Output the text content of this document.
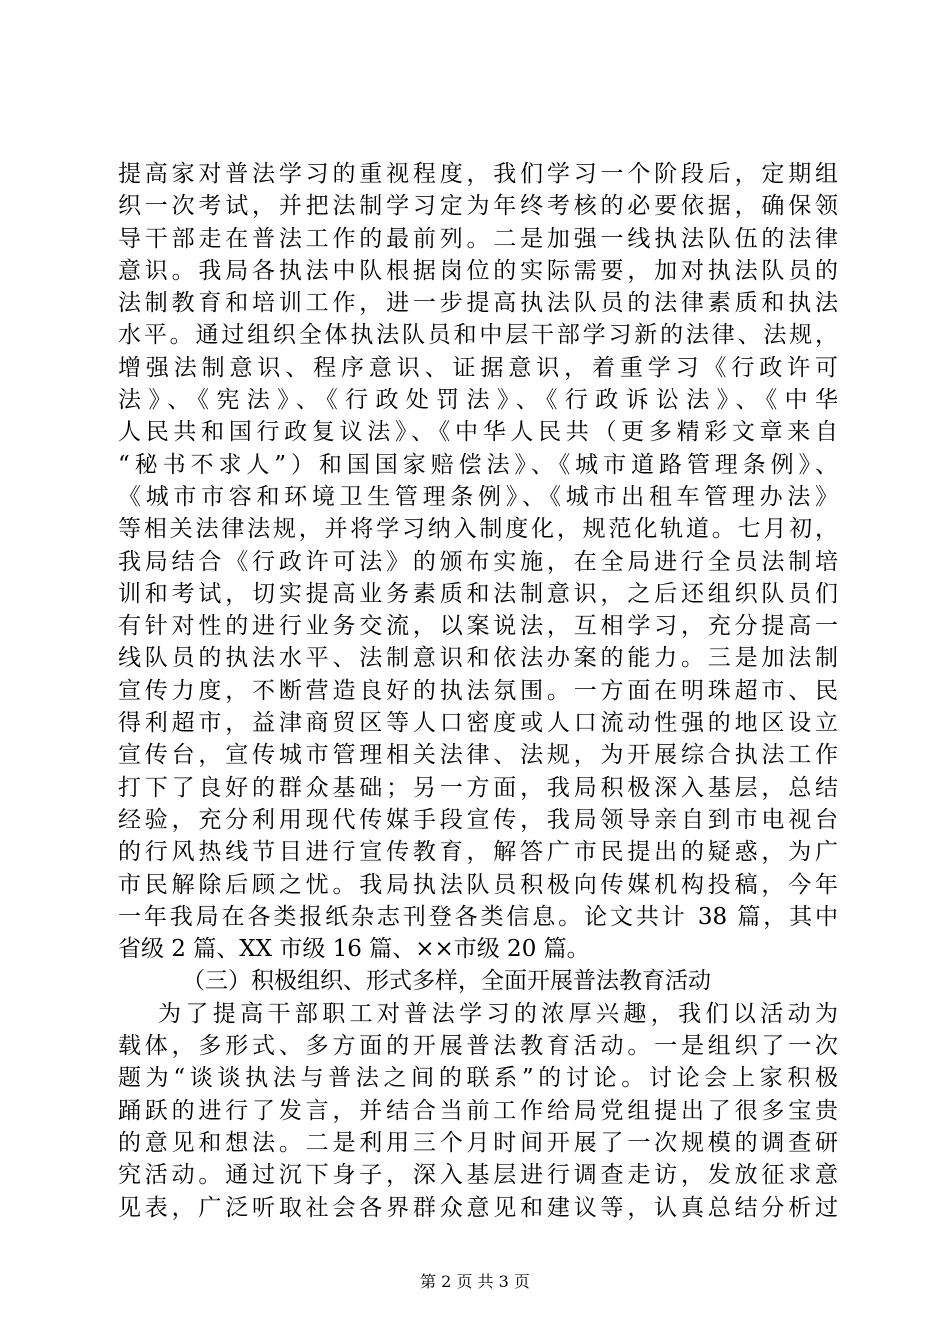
提高家对普法学习的重视程度，我们学习一个阶段后，定期组
织一次考试，并把法制学习定为年终考核的必要依据，确保领
导干部走在普法工作的最前列。二是加强一线执法队伍的法律
意识。我局各执法中队根据岗位的实际需要，加对执法队员的
法制教育和培训工作，进一步提高执法队员的法律素质和执法
水平。通过组织全体执法队员和中层干部学习新的法律、法规，
增强法制意识、程序意识、证据意识，着重学习《行政许可
法》、《宪法》、《行政处罚法》、《行政诉讼法》、《中华
人民共和国行政复议法》、《中华人民共（更多精彩文章来自
“秘书不求人”）和国国家赔偿法》、《城市道路管理条例》、
《城市市容和环境卫生管理条例》、《城市出租车管理办法》
等相关法律法规，并将学习纳入制度化，规范化轨道。七月初，
我局结合《行政许可法》的颁布实施，在全局进行全员法制培
训和考试，切实提高业务素质和法制意识，之后还组织队员们
有针对性的进行业务交流，以案说法，互相学习，充分提高一
线队员的执法水平、法制意识和依法办案的能力。三是加法制
宣传力度，不断营造良好的执法氛围。一方面在明珠超市、民
得利超市，益津商贸区等人口密度或人口流动性强的地区设立
宣传台，宣传城市管理相关法律、法规，为开展综合执法工作
打下了良好的群众基础；另一方面，我局积极深入基层，总结
经验，充分利用现代传媒手段宣传，我局领导亲自到市电视台
的行风热线节目进行宣传教育，解答广市民提出的疑惑，为广
市民解除后顾之忧。我局执法队员积极向传媒机构投稿，今年
一年我局在各类报纸杂志刊登各类信息。论文共计 38 篇，其中
省级 2 篇、XX 市级 16 篇、××市级 20 篇。
（三）积极组织、形式多样，全面开展普法教育活动
为了提高干部职工对普法学习的浓厚兴趣，我们以活动为
载体，多形式、多方面的开展普法教育活动。一是组织了一次
题为“谈谈执法与普法之间的联系”的讨论。讨论会上家积极
踊跃的进行了发言，并结合当前工作给局党组提出了很多宝贵
的意见和想法。二是利用三个月时间开展了一次规模的调查研
究活动。通过沉下身子，深入基层进行调查走访，发放征求意
见表，广泛听取社会各界群众意见和建议等，认真总结分析过
第 2 页 共 3 页
